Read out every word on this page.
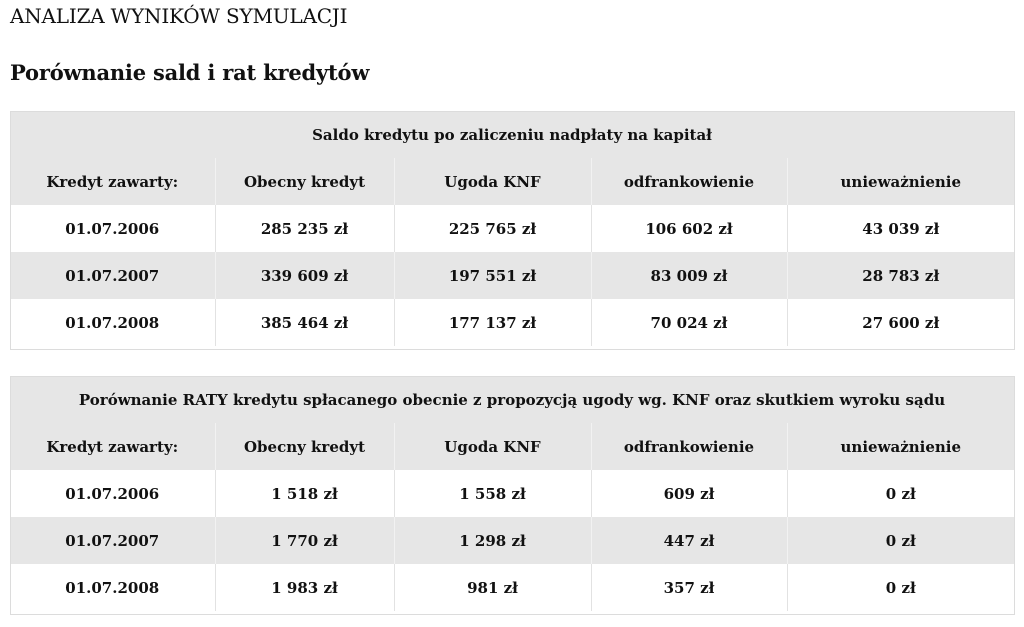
ANALIZA WYNIKÓW SYMULACJI
Porównanie sald i rat kredytów
Saldo kredytu po zaliczeniu nadpłaty na kapitał				
Kredyt zawarty:	Obecny kredyt	Ugoda KNF	odfrankowienie	unieważnienie
01.07.2006	285 235 zł	225 765 zł	106 602 zł	43 039 zł
01.07.2007	339 609 zł	197 551 zł	83 009 zł	28 783 zł
01.07.2008	385 464 zł	177 137 zł	70 024 zł	27 600 zł
Porównanie RATY kredytu spłacanego obecnie z propozycją ugody wg. KNF oraz skutkiem wyroku sądu				
Kredyt zawarty:	Obecny kredyt	Ugoda KNF	odfrankowienie	unieważnienie
01.07.2006	1 518 zł	1 558 zł	609 zł	0 zł
01.07.2007	1 770 zł	1 298 zł	447 zł	0 zł
01.07.2008	1 983 zł	981 zł	357 zł	0 zł
